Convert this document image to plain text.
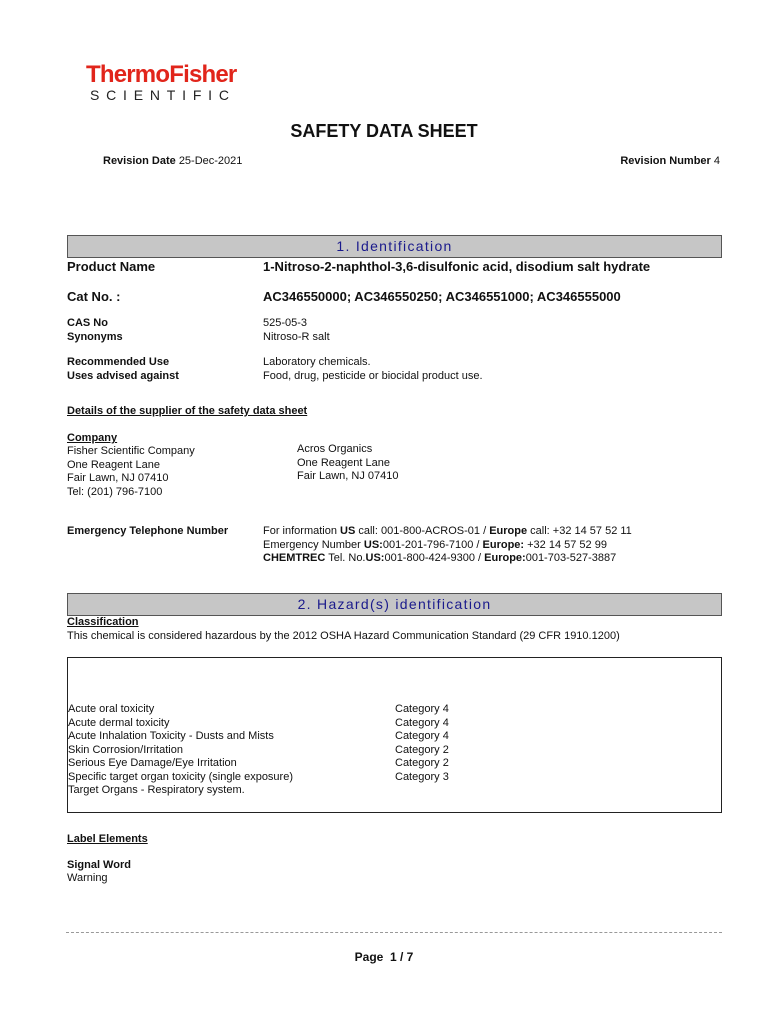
ThermoFisher
SCIENTIFIC
SAFETY DATA SHEET
Revision Date 25-Dec-2021	Revision Number 4
1. Identification
Product Name	1-Nitroso-2-naphthol-3,6-disulfonic acid, disodium salt hydrate
Cat No. :	AC346550000; AC346550250; AC346551000; AC346555000
CAS No	525-05-3
Synonyms	Nitroso-R salt
Recommended Use	Laboratory chemicals.
Uses advised against	Food, drug, pesticide or biocidal product use.
Details of the supplier of the safety data sheet
Company
Fisher Scientific Company
One Reagent Lane
Fair Lawn, NJ 07410
Tel: (201) 796-7100
Acros Organics
One Reagent Lane
Fair Lawn, NJ 07410
Emergency Telephone Number	For information US call: 001-800-ACROS-01 / Europe call: +32 14 57 52 11
Emergency Number US:001-201-796-7100 / Europe: +32 14 57 52 99
CHEMTREC Tel. No.US:001-800-424-9300 / Europe:001-703-527-3887
2. Hazard(s) identification
Classification
This chemical is considered hazardous by the 2012 OSHA Hazard Communication Standard (29 CFR 1910.1200)
Acute oral toxicity	Category 4
Acute dermal toxicity	Category 4
Acute Inhalation Toxicity - Dusts and Mists	Category 4
Skin Corrosion/Irritation	Category 2
Serious Eye Damage/Eye Irritation	Category 2
Specific target organ toxicity (single exposure)	Category 3
Target Organs - Respiratory system.
Label Elements
Signal Word
Warning
Page 1 / 7
